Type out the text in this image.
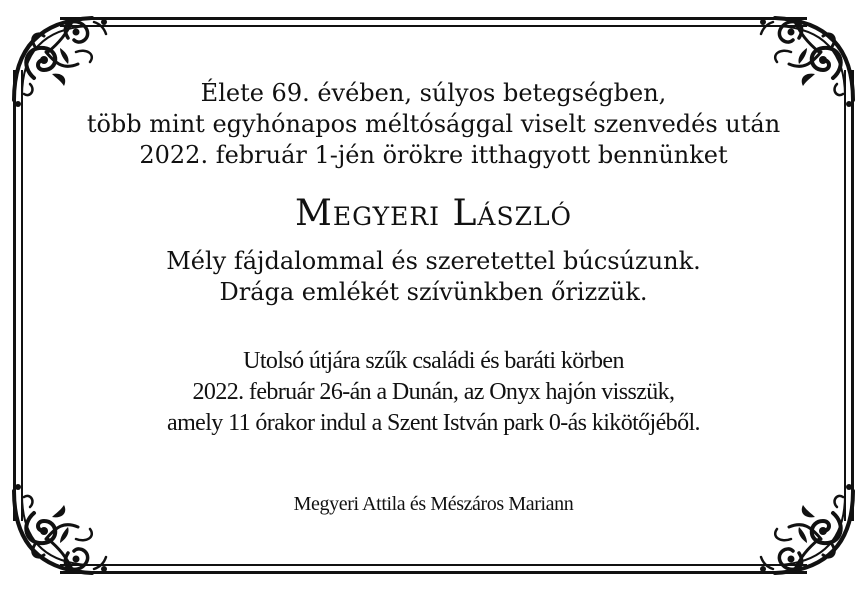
Élete 69. évében, súlyos betegségben,
több mint egyhónapos méltósággal viselt szenvedés után
2022. február 1-jén örökre itthagyott bennünket
Megyeri László
Mély fájdalommal és szeretettel búcsúzunk.
Drága emlékét szívünkben őrizzük.
Utolsó útjára szűk családi és baráti körben
2022. február 26-án a Dunán, az Onyx hajón visszük,
amely 11 órakor indul a Szent István park 0-ás kikötőjéből.
Megyeri Attila és Mészáros Mariann
